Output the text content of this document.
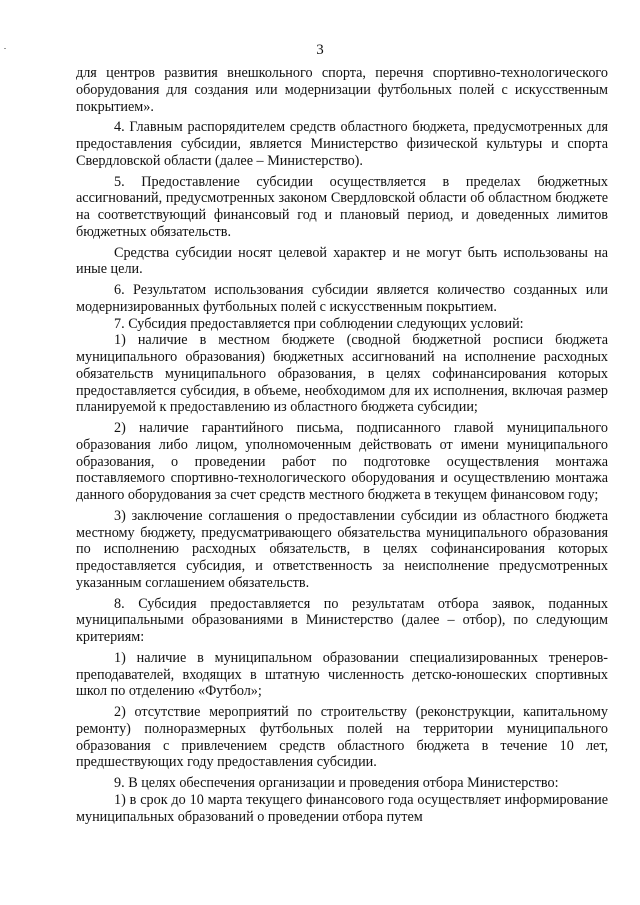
3

для центров развития внешкольного спорта, перечня спортивно-технологического оборудования для создания или модернизации футбольных полей с искусственным покрытием».

4. Главным распорядителем средств областного бюджета, предусмотренных для предоставления субсидии, является Министерство физической культуры и спорта Свердловской области (далее – Министерство).

5. Предоставление субсидии осуществляется в пределах бюджетных ассигнований, предусмотренных законом Свердловской области об областном бюджете на соответствующий финансовый год и плановый период, и доведенных лимитов бюджетных обязательств.

Средства субсидии носят целевой характер и не могут быть использованы на иные цели.

6. Результатом использования субсидии является количество созданных или модернизированных футбольных полей с искусственным покрытием.

7. Субсидия предоставляется при соблюдении следующих условий:

1) наличие в местном бюджете (сводной бюджетной росписи бюджета муниципального образования) бюджетных ассигнований на исполнение расходных обязательств муниципального образования, в целях софинансирования которых предоставляется субсидия, в объеме, необходимом для их исполнения, включая размер планируемой к предоставлению из областного бюджета субсидии;

2) наличие гарантийного письма, подписанного главой муниципального образования либо лицом, уполномоченным действовать от имени муниципального образования, о проведении работ по подготовке осуществления монтажа поставляемого спортивно-технологического оборудования и осуществлению монтажа данного оборудования за счет средств местного бюджета в текущем финансовом году;

3) заключение соглашения о предоставлении субсидии из областного бюджета местному бюджету, предусматривающего обязательства муниципального образования по исполнению расходных обязательств, в целях софинансирования которых предоставляется субсидия, и ответственность за неисполнение предусмотренных указанным соглашением обязательств.

8. Субсидия предоставляется по результатам отбора заявок, поданных муниципальными образованиями в Министерство (далее – отбор), по следующим критериям:

1) наличие в муниципальном образовании специализированных тренеров-преподавателей, входящих в штатную численность детско-юношеских спортивных школ по отделению «Футбол»;

2) отсутствие мероприятий по строительству (реконструкции, капитальному ремонту) полноразмерных футбольных полей на территории муниципального образования с привлечением средств областного бюджета в течение 10 лет, предшествующих году предоставления субсидии.

9. В целях обеспечения организации и проведения отбора Министерство:

1) в срок до 10 марта текущего финансового года осуществляет информирование муниципальных образований о проведении отбора путем
